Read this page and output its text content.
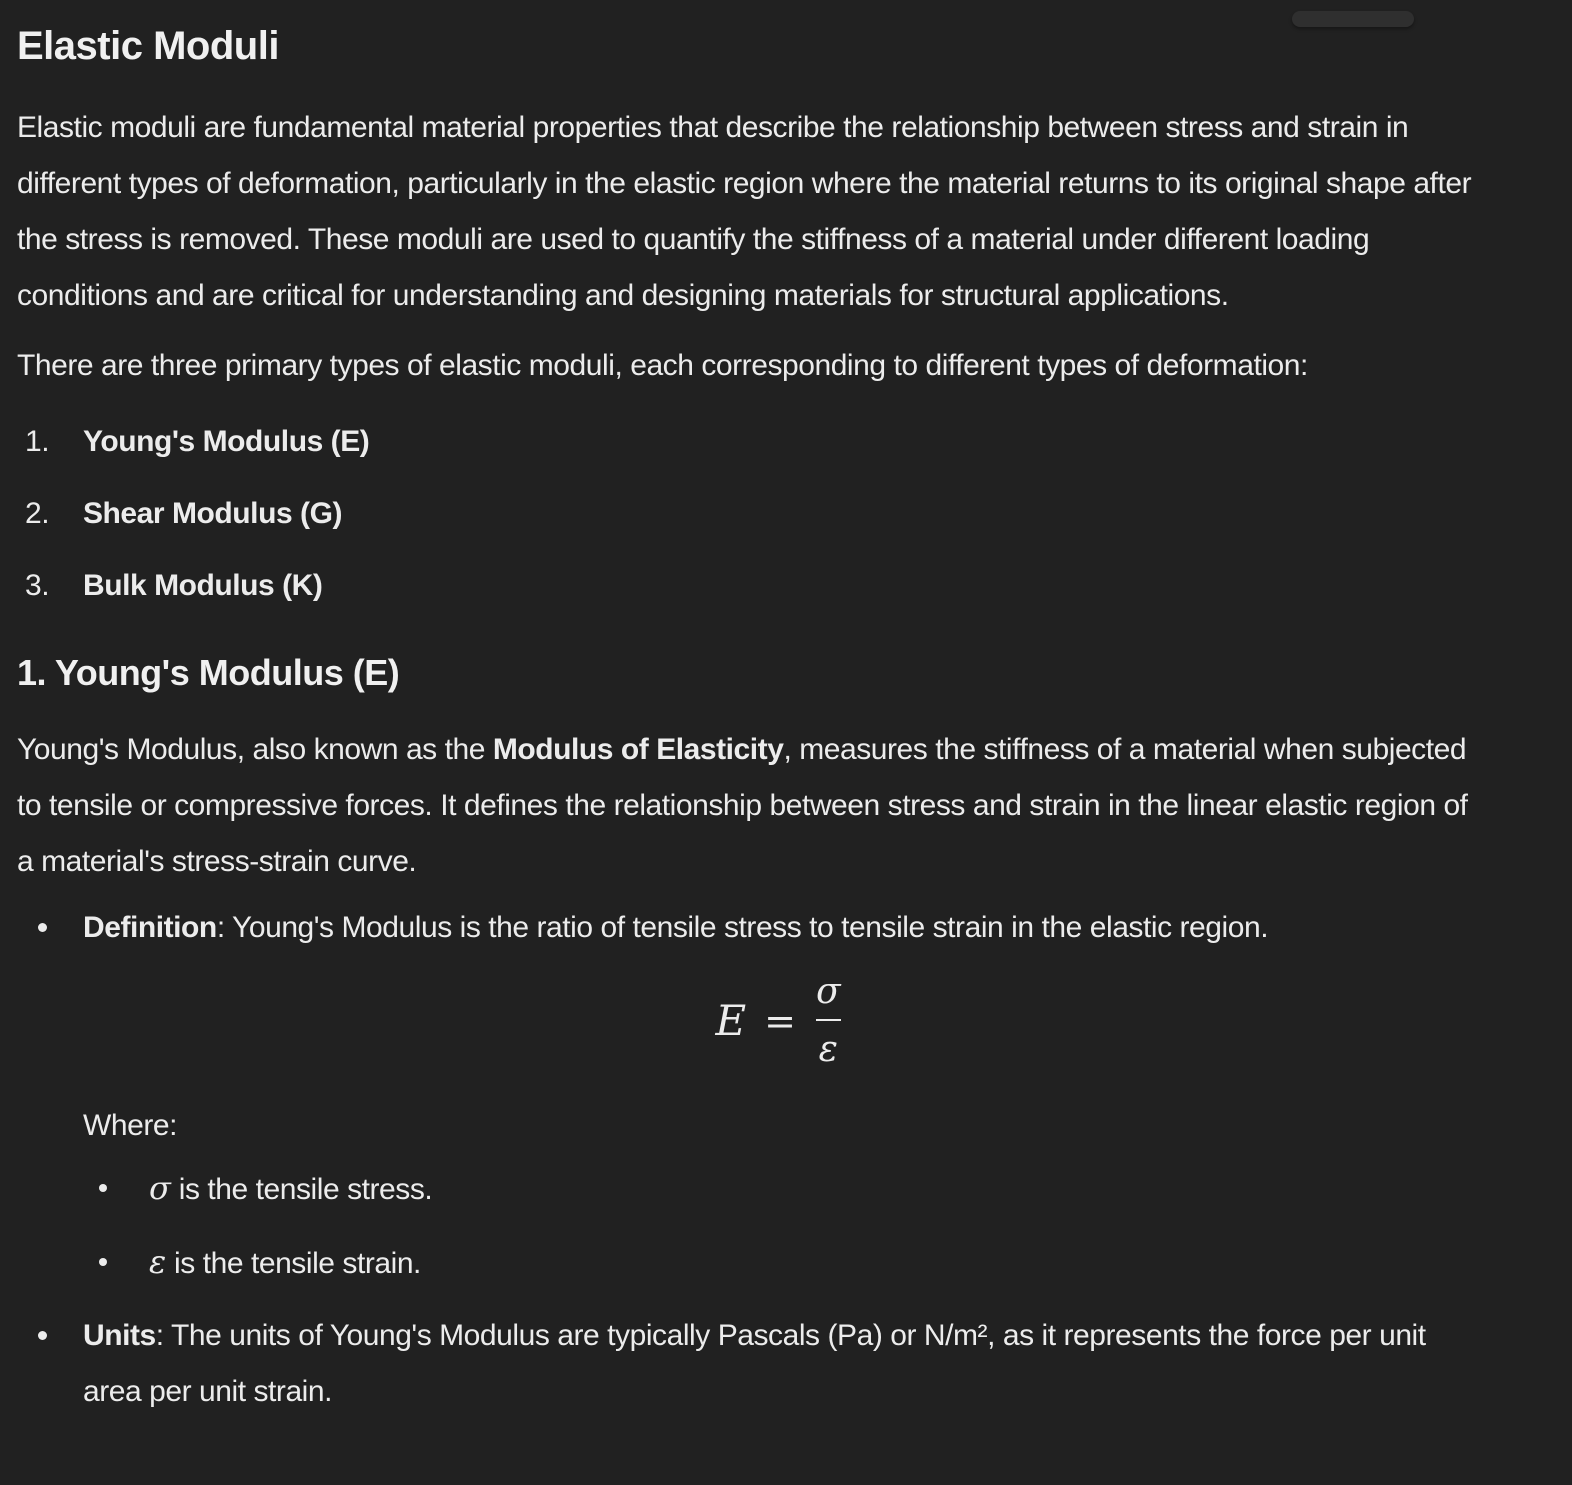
Elastic Moduli

Elastic moduli are fundamental material properties that describe the relationship between stress and strain in different types of deformation, particularly in the elastic region where the material returns to its original shape after the stress is removed. These moduli are used to quantify the stiffness of a material under different loading conditions and are critical for understanding and designing materials for structural applications.

There are three primary types of elastic moduli, each corresponding to different types of deformation:

1. Young's Modulus (E)
2. Shear Modulus (G)
3. Bulk Modulus (K)
1. Young's Modulus (E)

Young's Modulus, also known as the Modulus of Elasticity, measures the stiffness of a material when subjected to tensile or compressive forces. It defines the relationship between stress and strain in the linear elastic region of a material's stress-strain curve.

Definition: Young's Modulus is the ratio of tensile stress to tensile strain in the elastic region.
$E = \frac{\sigma}{\varepsilon}$

Where:

σ is the tensile stress.
ε is the tensile strain.
Units: The units of Young's Modulus are typically Pascals (Pa) or N/m², as it represents the force per unit area per unit strain.
